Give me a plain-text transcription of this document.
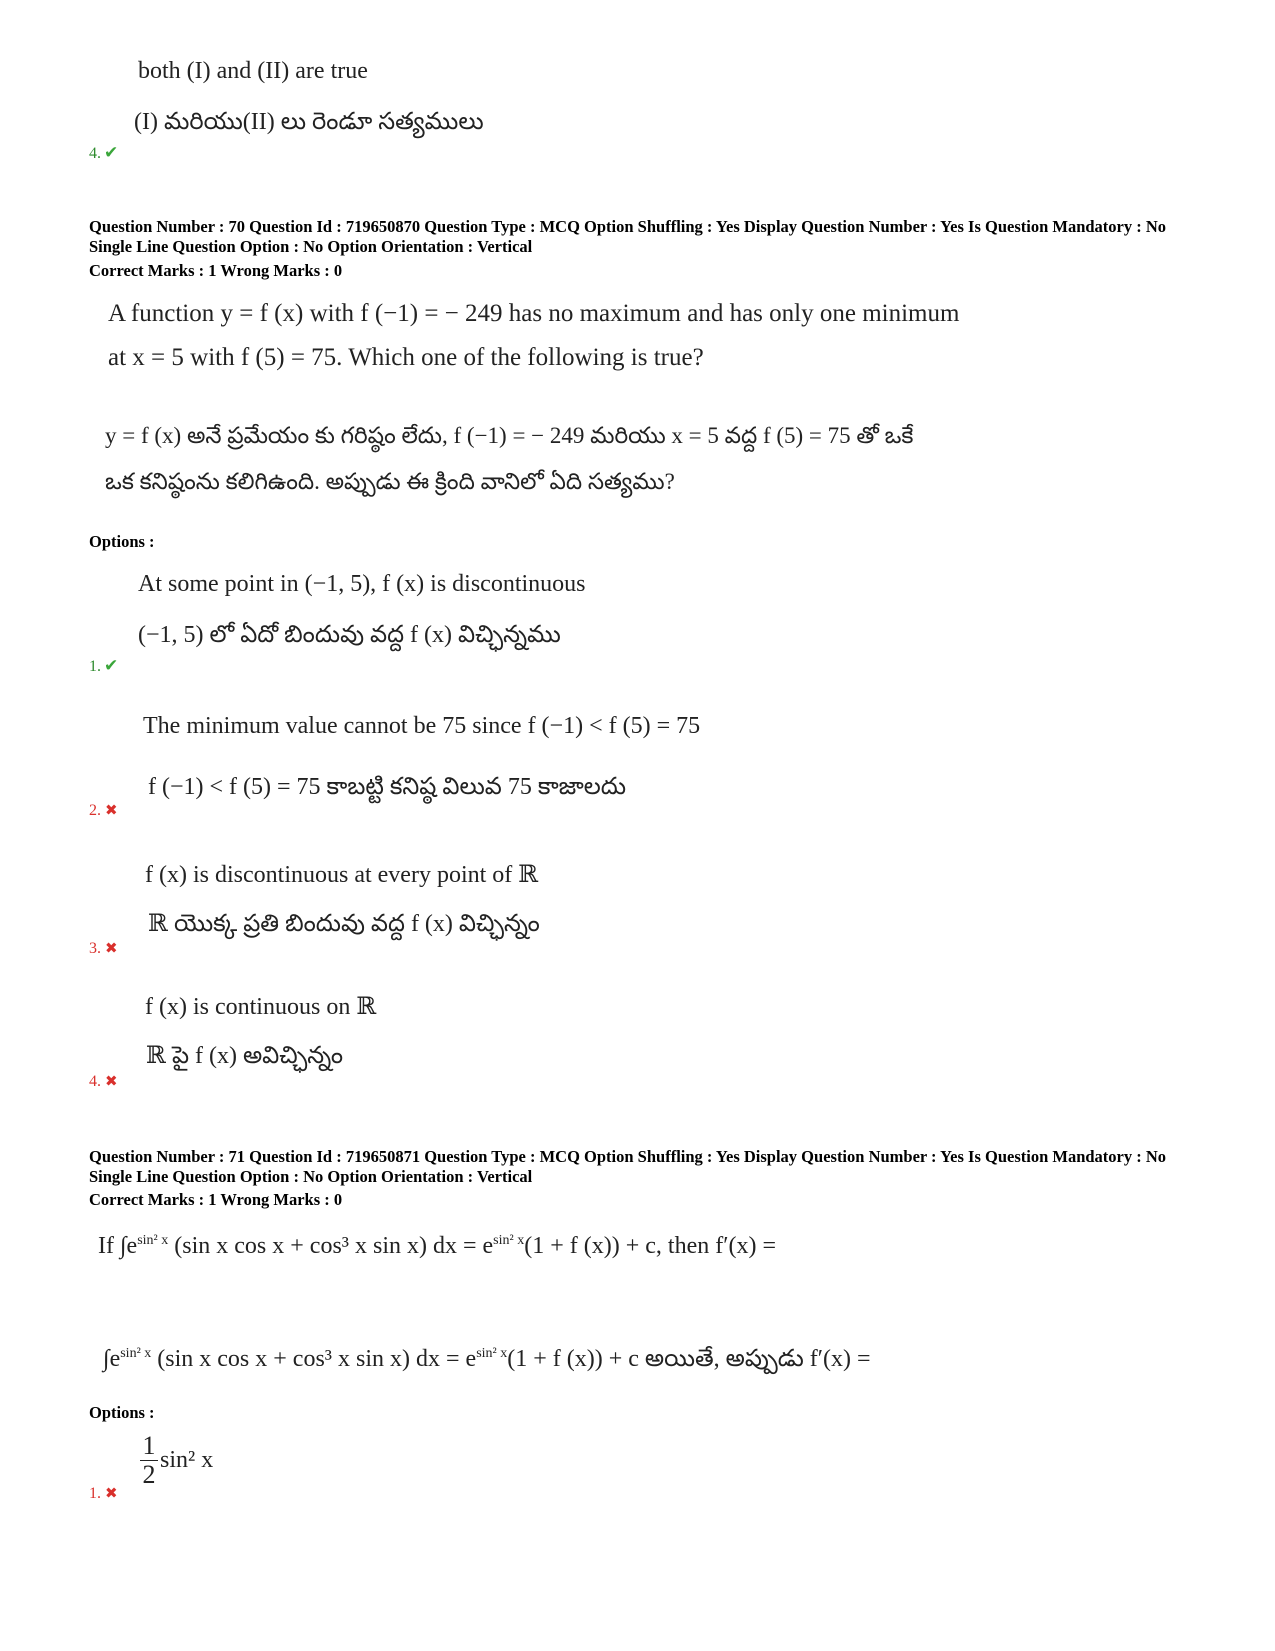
both (I) and (II) are true
(I) మరియు(II) లు రెండూ సత్యములు
4. ✔
Question Number : 70 Question Id : 719650870 Question Type : MCQ Option Shuffling : Yes Display Question Number : Yes Is Question Mandatory : No Single Line Question Option : No Option Orientation : Vertical
Correct Marks : 1 Wrong Marks : 0
A function y = f (x) with f (−1) = − 249 has no maximum and has only one minimum
at x = 5 with f (5) = 75. Which one of the following is true?
y = f (x) అనే ప్రమేయం కు గరిష్ఠం లేదు, f (−1) = − 249 మరియు x = 5 వద్ద f (5) = 75 తో ఒకే
ఒక కనిష్ఠంను కలిగిఉంది. అప్పుడు ఈ క్రింది వానిలో ఏది సత్యము?
Options :
At some point in (−1, 5), f (x) is discontinuous
(−1, 5) లో ఏదో బిందువు వద్ద f (x) విచ్ఛిన్నము
1. ✔
The minimum value cannot be 75 since f (−1) < f (5) = 75
f (−1) < f (5) = 75 కాబట్టి కనిష్ఠ విలువ 75 కాజాలదు
2. ✖
f (x) is discontinuous at every point of ℝ
ℝ యొక్క ప్రతి బిందువు వద్ద f (x) విచ్ఛిన్నం
3. ✖
f (x) is continuous on ℝ
ℝ పై f (x) అవిచ్ఛిన్నం
4. ✖
Question Number : 71 Question Id : 719650871 Question Type : MCQ Option Shuffling : Yes Display Question Number : Yes Is Question Mandatory : No Single Line Question Option : No Option Orientation : Vertical
Correct Marks : 1 Wrong Marks : 0
If $\int e^{sin^2 x}$ (sin x cos x + cos³ x sin x) dx = $e^{sin^2 x}(1 + f$ (x)) + c, then f′(x) =
$\int e^{sin^2 x}$ (sin x cos x + cos³ x sin x) dx = $e^{sin^2 x}(1 + f$ (x)) + c అయితే, అప్పుడు f′(x) =
Options :
$\frac{1}{2} \sin^2$ x
1. ✖
